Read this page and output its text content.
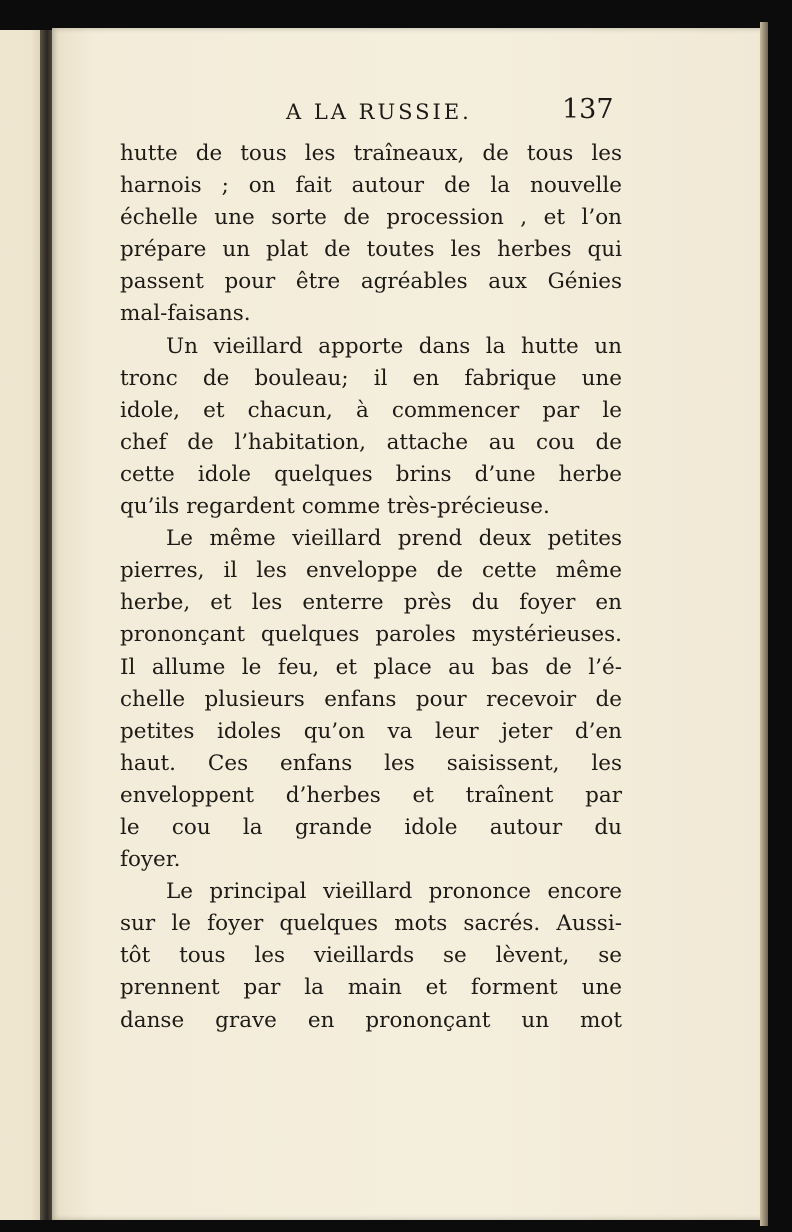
A LA RUSSIE.	137
hutte de tous les traîneaux, de tous les
harnois ; on fait autour de la nouvelle
échelle une sorte de procession , et l’on
prépare un plat de toutes les herbes qui
passent pour être agréables aux Génies
mal-faisans.
Un vieillard apporte dans la hutte un
tronc de bouleau; il en fabrique une
idole, et chacun, à commencer par le
chef de l’habitation, attache au cou de
cette idole quelques brins d’une herbe
qu’ils regardent comme très-précieuse.
Le même vieillard prend deux petites
pierres, il les enveloppe de cette même
herbe, et les enterre près du foyer en
prononçant quelques paroles mystérieuses.
Il allume le feu, et place au bas de l’é-
chelle plusieurs enfans pour recevoir de
petites idoles qu’on va leur jeter d’en
haut. Ces enfans les saisissent, les
enveloppent d’herbes et traînent par
le cou la grande idole autour du
foyer.
Le principal vieillard prononce encore
sur le foyer quelques mots sacrés. Aussi-
tôt tous les vieillards se lèvent, se
prennent par la main et forment une
danse grave en prononçant un mot
